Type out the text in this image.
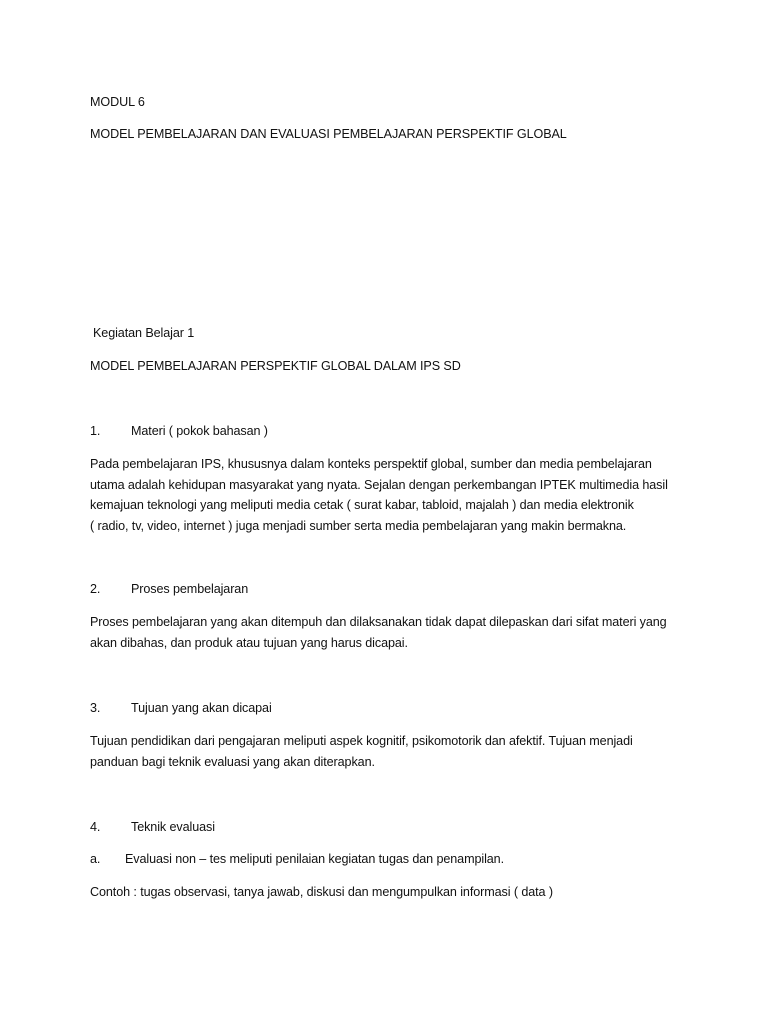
MODUL 6
MODEL PEMBELAJARAN DAN EVALUASI PEMBELAJARAN PERSPEKTIF GLOBAL
Kegiatan Belajar 1
MODEL PEMBELAJARAN PERSPEKTIF GLOBAL DALAM IPS SD
1. Materi ( pokok bahasan )
Pada pembelajaran IPS, khususnya dalam konteks perspektif global, sumber dan media pembelajaran
utama adalah kehidupan masyarakat yang nyata. Sejalan dengan perkembangan IPTEK multimedia hasil
kemajuan teknologi yang meliputi media cetak ( surat kabar, tabloid, majalah ) dan media elektronik
( radio, tv, video, internet ) juga menjadi sumber serta media pembelajaran yang makin bermakna.
2. Proses pembelajaran
Proses pembelajaran yang akan ditempuh dan dilaksanakan tidak dapat dilepaskan dari sifat materi yang
akan dibahas, dan produk atau tujuan yang harus dicapai.
3. Tujuan yang akan dicapai
Tujuan pendidikan dari pengajaran meliputi aspek kognitif, psikomotorik dan afektif. Tujuan menjadi
panduan bagi teknik evaluasi yang akan diterapkan.
4. Teknik evaluasi
a. Evaluasi non – tes meliputi penilaian kegiatan tugas dan penampilan.
Contoh : tugas observasi, tanya jawab, diskusi dan mengumpulkan informasi ( data )
